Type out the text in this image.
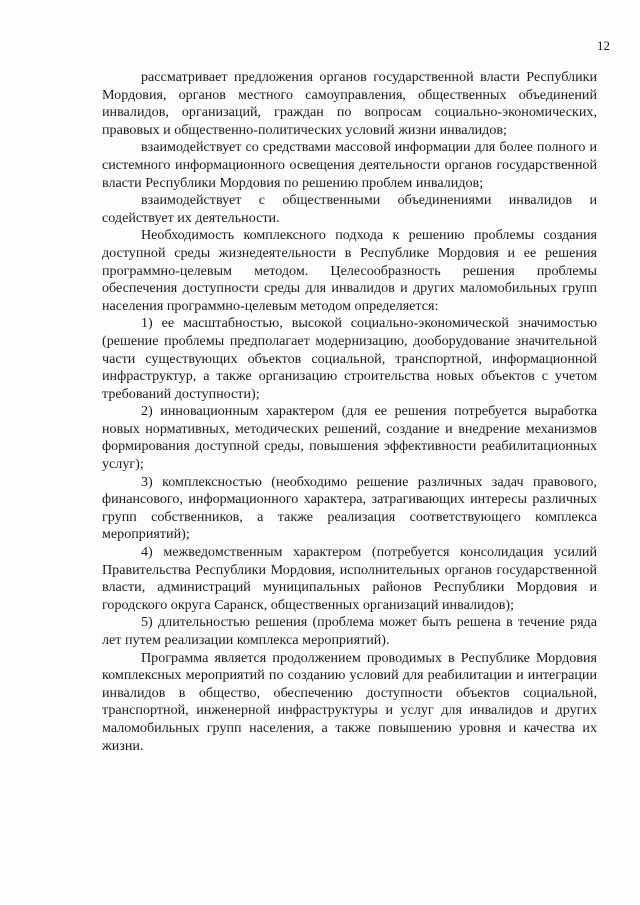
12

рассматривает предложения органов государственной власти Республики Мордовия, органов местного самоуправления, общественных объединений инвалидов, организаций, граждан по вопросам социально-экономических, правовых и общественно-политических условий жизни инвалидов;

взаимодействует со средствами массовой информации для более полного и системного информационного освещения деятельности органов государственной власти Республики Мордовия по решению проблем инвалидов;

взаимодействует с общественными объединениями инвалидов и содействует их деятельности.

Необходимость комплексного подхода к решению проблемы создания доступной среды жизнедеятельности в Республике Мордовия и ее решения программно-целевым методом. Целесообразность решения проблемы обеспечения доступности среды для инвалидов и других маломобильных групп населения программно-целевым методом определяется:

1) ее масштабностью, высокой социально-экономической значимостью (решение проблемы предполагает модернизацию, дооборудование значительной части существующих объектов социальной, транспортной, информационной инфраструктур, а также организацию строительства новых объектов с учетом требований доступности);

2) инновационным характером (для ее решения потребуется выработка новых нормативных, методических решений, создание и внедрение механизмов формирования доступной среды, повышения эффективности реабилитационных услуг);

3) комплексностью (необходимо решение различных задач правового, финансового, информационного характера, затрагивающих интересы различных групп собственников, а также реализация соответствующего комплекса мероприятий);

4) межведомственным характером (потребуется консолидация усилий Правительства Республики Мордовия, исполнительных органов государственной власти, администраций муниципальных районов Республики Мордовия и городского округа Саранск, общественных организаций инвалидов);

5) длительностью решения (проблема может быть решена в течение ряда лет путем реализации комплекса мероприятий).

Программа является продолжением проводимых в Республике Мордовия комплексных мероприятий по созданию условий для реабилитации и интеграции инвалидов в общество, обеспечению доступности объектов социальной, транспортной, инженерной инфраструктуры и услуг для инвалидов и других маломобильных групп населения, а также повышению уровня и качества их жизни.
